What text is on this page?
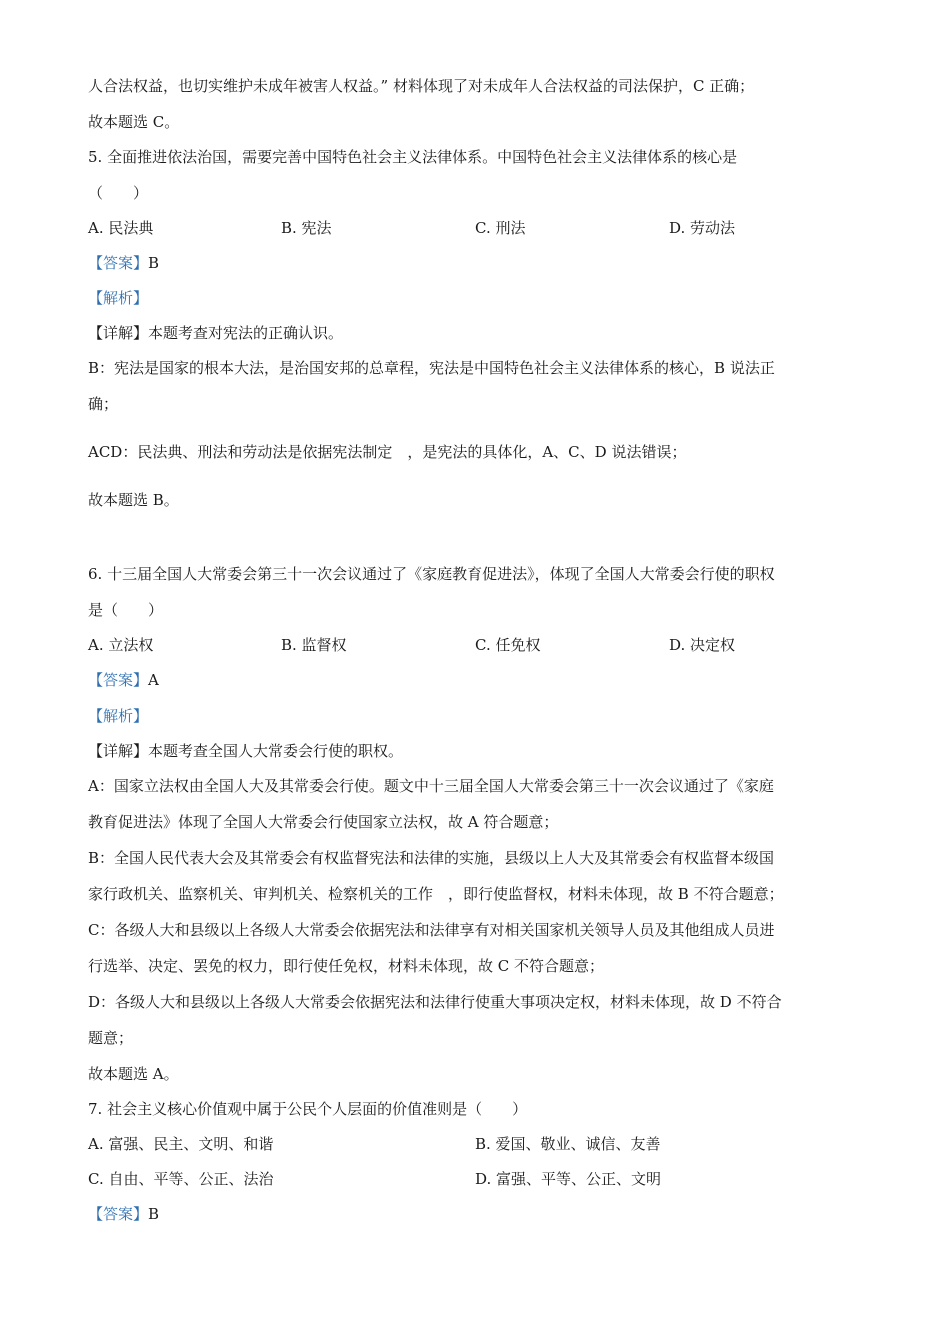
人合法权益，也切实维护未成年被害人权益。” 材料体现了对未成年人合法权益的司法保护，C 正确；
故本题选 C。
5. 全面推进依法治国，需要完善中国特色社会主义法律体系。中国特色社会主义法律体系的核心是
（　　）
A. 民法典	B. 宪法	C. 刑法	D. 劳动法
【答案】B
【解析】
【详解】本题考查对宪法的正确认识。
B：宪法是国家的根本大法，是治国安邦的总章程，宪法是中国特色社会主义法律体系的核心，B 说法正
确；
ACD：民法典、刑法和劳动法是依据宪法制定　，是宪法的具体化，A、C、D 说法错误；
故本题选 B。
6. 十三届全国人大常委会第三十一次会议通过了《家庭教育促进法》，体现了全国人大常委会行使的职权
是（　　）
A. 立法权	B. 监督权	C. 任免权	D. 决定权
【答案】A
【解析】
【详解】本题考查全国人大常委会行使的职权。
A：国家立法权由全国人大及其常委会行使。题文中十三届全国人大常委会第三十一次会议通过了《家庭
教育促进法》体现了全国人大常委会行使国家立法权，故 A 符合题意；
B：全国人民代表大会及其常委会有权监督宪法和法律的实施，县级以上人大及其常委会有权监督本级国
家行政机关、监察机关、审判机关、检察机关的工作　，即行使监督权，材料未体现，故 B 不符合题意；
C：各级人大和县级以上各级人大常委会依据宪法和法律享有对相关国家机关领导人员及其他组成人员进
行选举、决定、罢免的权力，即行使任免权，材料未体现，故 C 不符合题意；
D：各级人大和县级以上各级人大常委会依据宪法和法律行使重大事项决定权，材料未体现，故 D 不符合
题意；
故本题选 A。
7. 社会主义核心价值观中属于公民个人层面的价值准则是（　　）
A. 富强、民主、文明、和谐	B. 爱国、敬业、诚信、友善
C. 自由、平等、公正、法治	D. 富强、平等、公正、文明
【答案】B
